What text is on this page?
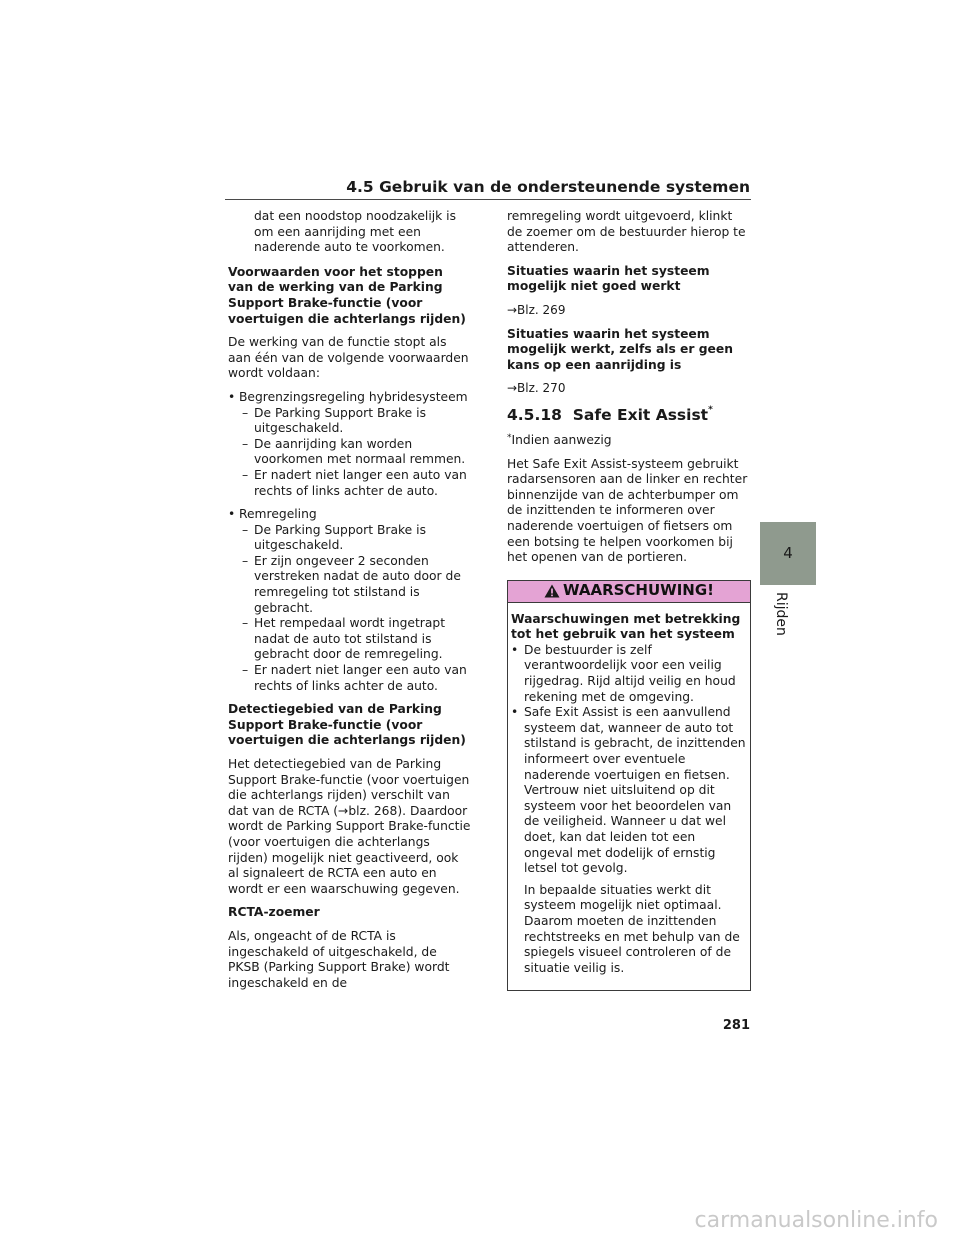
4.5 Gebruik van de ondersteunende systemen

dat een noodstop noodzakelijk is om een aanrijding met een naderende auto te voorkomen.

Voorwaarden voor het stoppen van de werking van de Parking Support Brake-functie (voor voertuigen die achterlangs rijden)

De werking van de functie stopt als aan één van de volgende voorwaarden wordt voldaan:

• Begrenzingsregeling hybridesysteem

– De Parking Support Brake is uitgeschakeld.

– De aanrijding kan worden voorkomen met normaal remmen.

– Er nadert niet langer een auto van rechts of links achter de auto.

• Remregeling

– De Parking Support Brake is uitgeschakeld.

– Er zijn ongeveer 2 seconden verstreken nadat de auto door de remregeling tot stilstand is gebracht.

– Het rempedaal wordt ingetrapt nadat de auto tot stilstand is gebracht door de remregeling.

– Er nadert niet langer een auto van rechts of links achter de auto.

Detectiegebied van de Parking Support Brake-functie (voor voertuigen die achterlangs rijden)

Het detectiegebied van de Parking Support Brake-functie (voor voertuigen die achterlangs rijden) verschilt van dat van de RCTA (→blz. 268). Daardoor wordt de Parking Support Brake-functie (voor voertuigen die achterlangs rijden) mogelijk niet geactiveerd, ook al signaleert de RCTA een auto en wordt er een waarschuwing gegeven.

RCTA-zoemer

Als, ongeacht of de RCTA is ingeschakeld of uitgeschakeld, de PKSB (Parking Support Brake) wordt ingeschakeld en de

remregeling wordt uitgevoerd, klinkt de zoemer om de bestuurder hierop te attenderen.

Situaties waarin het systeem mogelijk niet goed werkt

→Blz. 269

Situaties waarin het systeem mogelijk werkt, zelfs als er geen kans op een aanrijding is

→Blz. 270

4.5.18 Safe Exit Assist*

*Indien aanwezig

Het Safe Exit Assist-systeem gebruikt radarsensoren aan de linker en rechter binnenzijde van de achterbumper om de inzittenden te informeren over naderende voertuigen of fietsers om een botsing te helpen voorkomen bij het openen van de portieren.

WAARSCHUWING!

Waarschuwingen met betrekking tot het gebruik van het systeem

• De bestuurder is zelf verantwoordelijk voor een veilig rijgedrag. Rijd altijd veilig en houd rekening met de omgeving.

• Safe Exit Assist is een aanvullend systeem dat, wanneer de auto tot stilstand is gebracht, de inzittenden informeert over eventuele naderende voertuigen en fietsen. Vertrouw niet uitsluitend op dit systeem voor het beoordelen van de veiligheid. Wanneer u dat wel doet, kan dat leiden tot een ongeval met dodelijk of ernstig letsel tot gevolg.

In bepaalde situaties werkt dit systeem mogelijk niet optimaal. Daarom moeten de inzittenden rechtstreeks en met behulp van de spiegels visueel controleren of de situatie veilig is.

4
Rijden
281
carmanualsonline.info
